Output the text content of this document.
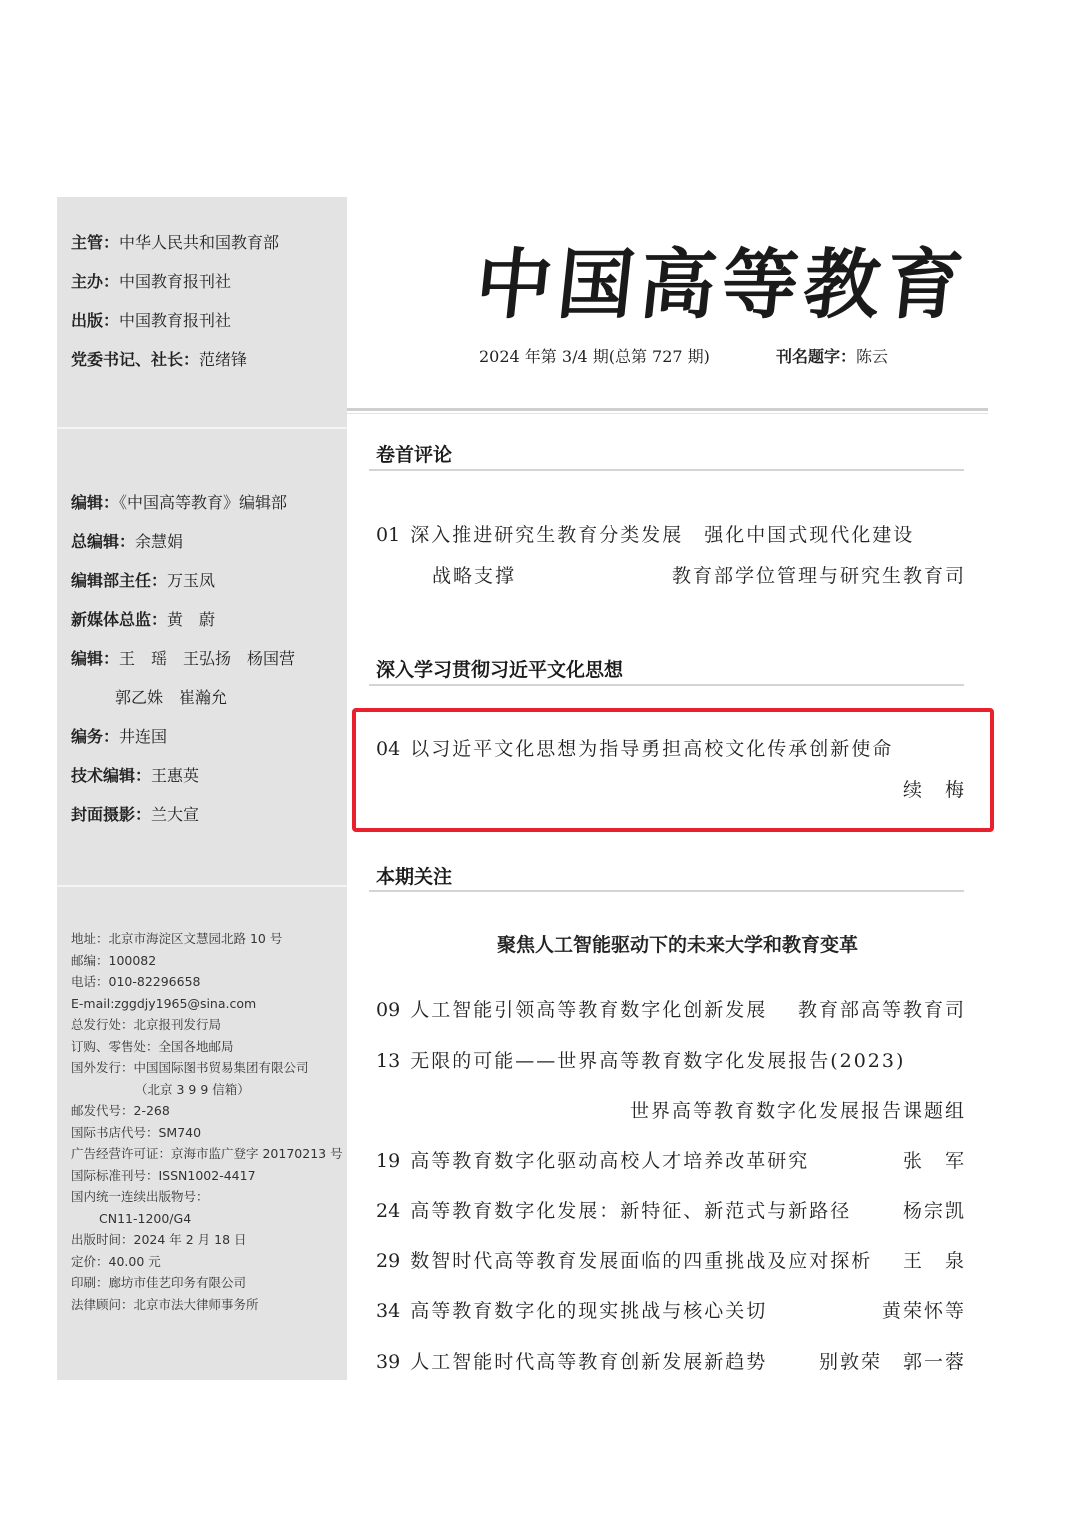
主管：中华人民共和国教育部
主办：中国教育报刊社
出版：中国教育报刊社
党委书记、社长：范绪锋
编辑：《中国高等教育》编辑部
总编辑：余慧娟
编辑部主任：万玉凤
新媒体总监：黄　蔚
编辑：王　瑶　王弘扬　杨国营
郭乙姝　崔瀚允
编务：井连国
技术编辑：王惠英
封面摄影：兰大宣
地址：北京市海淀区文慧园北路 10 号
邮编：100082
电话：010-82296658
E-mail:zggdjy1965@sina.com
总发行处：北京报刊发行局
订购、零售处：全国各地邮局
国外发行：中国国际图书贸易集团有限公司
（北京 3 9 9 信箱）
邮发代号：2-268
国际书店代号：SM740
广告经营许可证：京海市监广登字 20170213 号
国际标准刊号：ISSN1002-4417
国内统一连续出版物号：
CN11-1200/G4
出版时间：2024 年 2 月 18 日
定价：40.00 元
印刷：廊坊市佳艺印务有限公司
法律顾问：北京市法大律师事务所
中国高等教育
2024 年第 3/4 期(总第 727 期)	刊名题字：陈云
卷首评论
01 深入推进研究生教育分类发展　强化中国式现代化建设
战略支撑	教育部学位管理与研究生教育司
深入学习贯彻习近平文化思想
04 以习近平文化思想为指导勇担高校文化传承创新使命
续　梅
本期关注
聚焦人工智能驱动下的未来大学和教育变革
09 人工智能引领高等教育数字化创新发展 教育部高等教育司
13 无限的可能——世界高等教育数字化发展报告(2023)
世界高等教育数字化发展报告课题组
19 高等教育数字化驱动高校人才培养改革研究	张　军
24 高等教育数字化发展：新特征、新范式与新路径	杨宗凯
29 数智时代高等教育发展面临的四重挑战及应对探析 王　泉
34 高等教育数字化的现实挑战与核心关切	黄荣怀等
39 人工智能时代高等教育创新发展新趋势	别敦荣　郭一蓉
